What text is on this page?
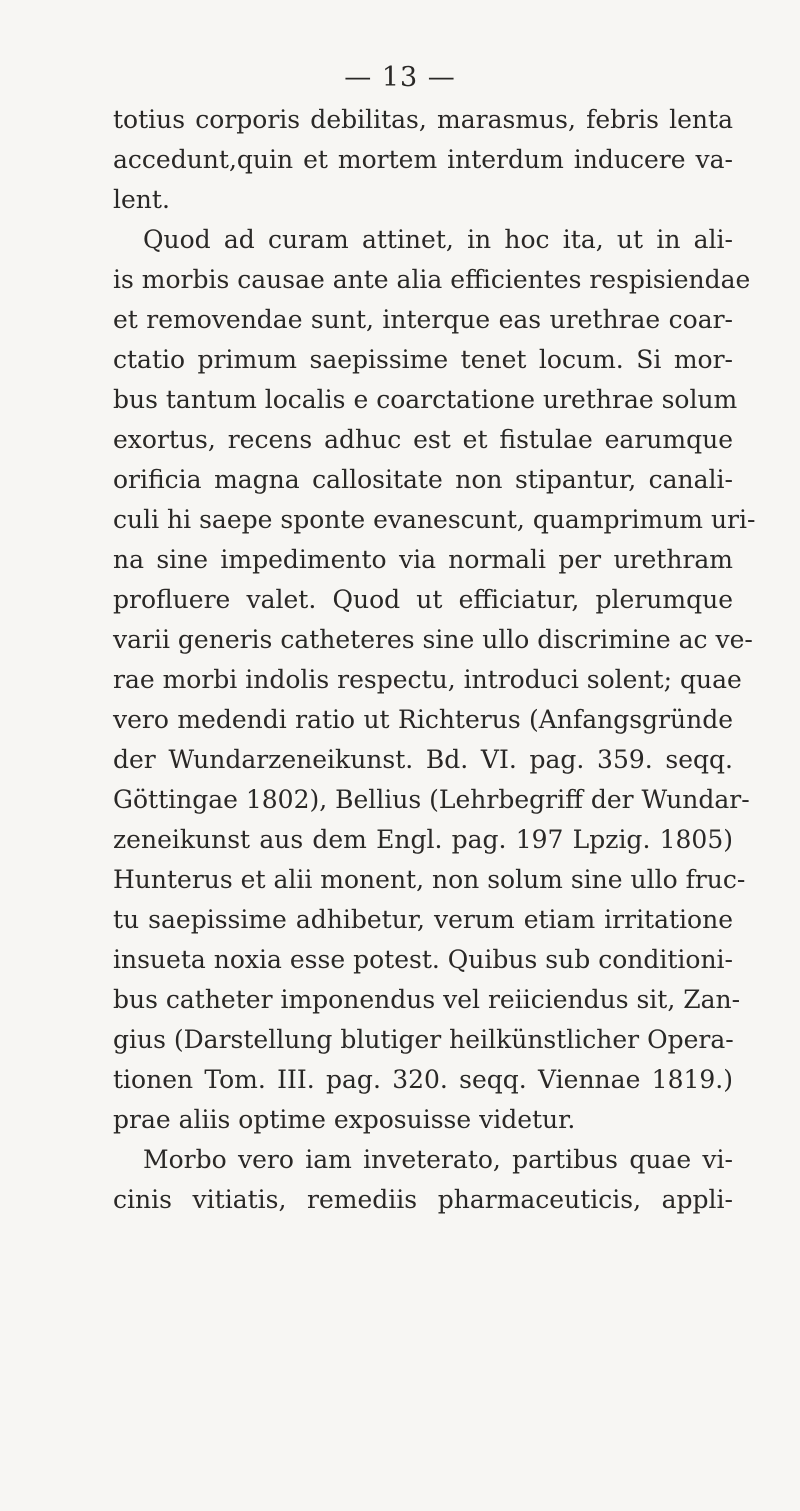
— 13 —
totius corporis debilitas, marasmus, febris lenta
accedunt,quin et mortem interdum inducere va-
lent.
Quod ad curam attinet, in hoc ita, ut in ali-
is morbis causae ante alia efficientes respisiendae
et removendae sunt, interque eas urethrae coar-
ctatio primum saepissime tenet locum. Si mor-
bus tantum localis e coarctatione urethrae solum
exortus, recens adhuc est et fistulae earumque
orificia magna callositate non stipantur, canali-
culi hi saepe sponte evanescunt, quamprimum uri-
na sine impedimento via normali per urethram
profluere valet. Quod ut efficiatur, plerumque
varii generis catheteres sine ullo discrimine ac ve-
rae morbi indolis respectu, introduci solent; quae
vero medendi ratio ut Richterus (Anfangsgründe
der Wundarzeneikunst. Bd. VI. pag. 359. seqq.
Göttingae 1802), Bellius (Lehrbegriff der Wundar-
zeneikunst aus dem Engl. pag. 197 Lpzig. 1805)
Hunterus et alii monent, non solum sine ullo fruc-
tu saepissime adhibetur, verum etiam irritatione
insueta noxia esse potest. Quibus sub conditioni-
bus catheter imponendus vel reiiciendus sit, Zan-
gius (Darstellung blutiger heilkünstlicher Opera-
tionen Tom. III. pag. 320. seqq. Viennae 1819.)
prae aliis optime exposuisse videtur.
Morbo vero iam inveterato, partibus quae vi-
cinis vitiatis, remediis pharmaceuticis, appli-
